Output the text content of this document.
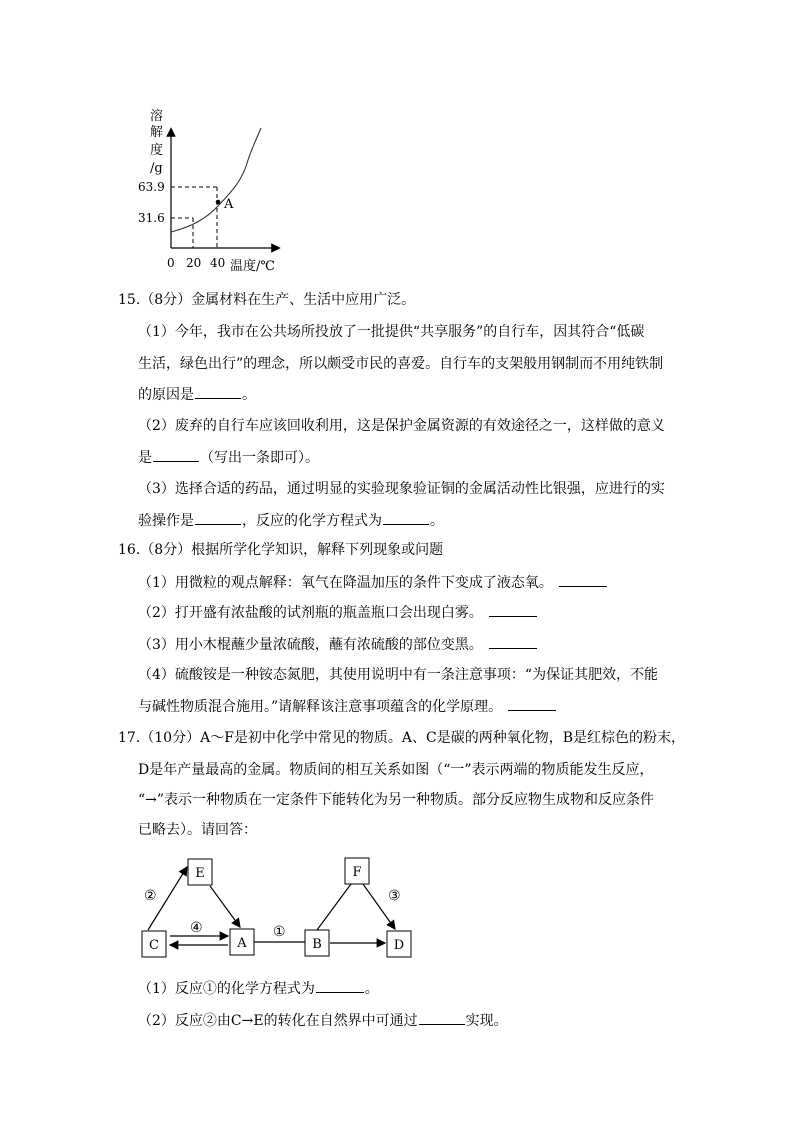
溶
解
度
/g
A
63.9
31.6
0 20 40 温度/℃
15.（8分）金属材料在生产、生活中应用广泛。
（1）今年，我市在公共场所投放了一批提供“共享服务”的自行车，因其符合“低碳
生活，绿色出行”的理念，所以颇受市民的喜爱。自行车的支架般用钢制而不用纯铁制
的原因是	。
（2）废弃的自行车应该回收利用，这是保护金属资源的有效途径之一，这样做的意义
是	（写出一条即可）。
（3）选择合适的药品，通过明显的实验现象验证铜的金属活动性比银强，应进行的实
验操作是	，反应的化学方程式为	。
16.（8分）根据所学化学知识，解释下列现象或问题
（1）用微粒的观点解释：氧气在降温加压的条件下变成了液态氧。
（2）打开盛有浓盐酸的试剂瓶的瓶盖瓶口会出现白雾。
（3）用小木棍蘸少量浓硫酸，蘸有浓硫酸的部位变黑。
（4）硫酸铵是一种铵态氮肥，其使用说明中有一条注意事项：“为保证其肥效，不能
与碱性物质混合施用。”请解释该注意事项蕴含的化学原理。
17.（10分）A～F是初中化学中常见的物质。A、C是碳的两种氧化物，B是红棕色的粉末，
D是年产量最高的金属。物质间的相互关系如图（“一”表示两端的物质能发生反应，
“→”表示一种物质在一定条件下能转化为另一种物质。部分反应物生成物和反应条件
已略去）。请回答：
E	F
C	A	B	D
②
④	①
③
（1）反应①的化学方程式为	。
（2）反应②由C→E的转化在自然界中可通过	实现。
